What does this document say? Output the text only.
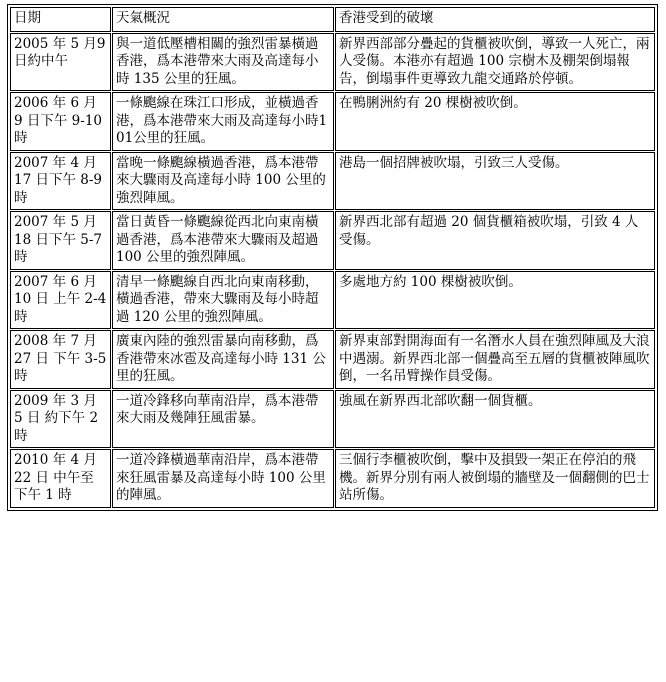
日期	天氣概況	香港受到的破壞
2005 年 5 月9 日約中午	與一道低壓槽相關的強烈雷暴橫過香港，爲本港帶來大雨及高達每小時 135 公里的狂風。	新界西部部分疊起的貨櫃被吹倒，導致一人死亡，兩人受傷。本港亦有超過 100 宗樹木及棚架倒塌報告，倒塌事件更導致九龍交通路於停頓。
2006 年 6 月 9 日下午 9-10 時	一條颮線在珠江口形成，並橫過香港，爲本港帶來大雨及高達每小時101公里的狂風。	在鴨脷洲約有 20 棵樹被吹倒。
2007 年 4 月 17 日下午 8-9 時	當晚一條颮線橫過香港，爲本港帶來大驟雨及高達每小時 100 公里的強烈陣風。	港島一個招牌被吹塌，引致三人受傷。
2007 年 5 月 18 日下午 5-7 時	當日黃昏一條颮線從西北向東南橫過香港，爲本港帶來大驟雨及超過 100 公里的強烈陣風。	新界西北部有超過 20 個貨櫃箱被吹塌，引致 4 人受傷。
2007 年 6 月 10 日 上午 2-4 時	清早一條颮線自西北向東南移動，橫過香港，帶來大驟雨及每小時超過 120 公里的強烈陣風。	多處地方約 100 棵樹被吹倒。
2008 年 7 月 27 日 下午 3-5 時	廣東內陸的強烈雷暴向南移動，爲香港帶來冰雹及高達每小時 131 公里的狂風。	新界東部對開海面有一名潛水人員在強烈陣風及大浪中遇溺。新界西北部一個疊高至五層的貨櫃被陣風吹倒，一名吊臂操作員受傷。
2009 年 3 月 5 日 約下午 2 時	一道冷鋒移向華南沿岸，爲本港帶來大雨及幾陣狂風雷暴。	強風在新界西北部吹翻一個貨櫃。
2010 年 4 月 22 日 中午至下午 1 時	一道冷鋒橫過華南沿岸，爲本港帶來狂風雷暴及高達每小時 100 公里的陣風。	三個行李櫃被吹倒，擊中及損毀一架正在停泊的飛機。新界分別有兩人被倒塌的牆壁及一個翻側的巴士站所傷。
